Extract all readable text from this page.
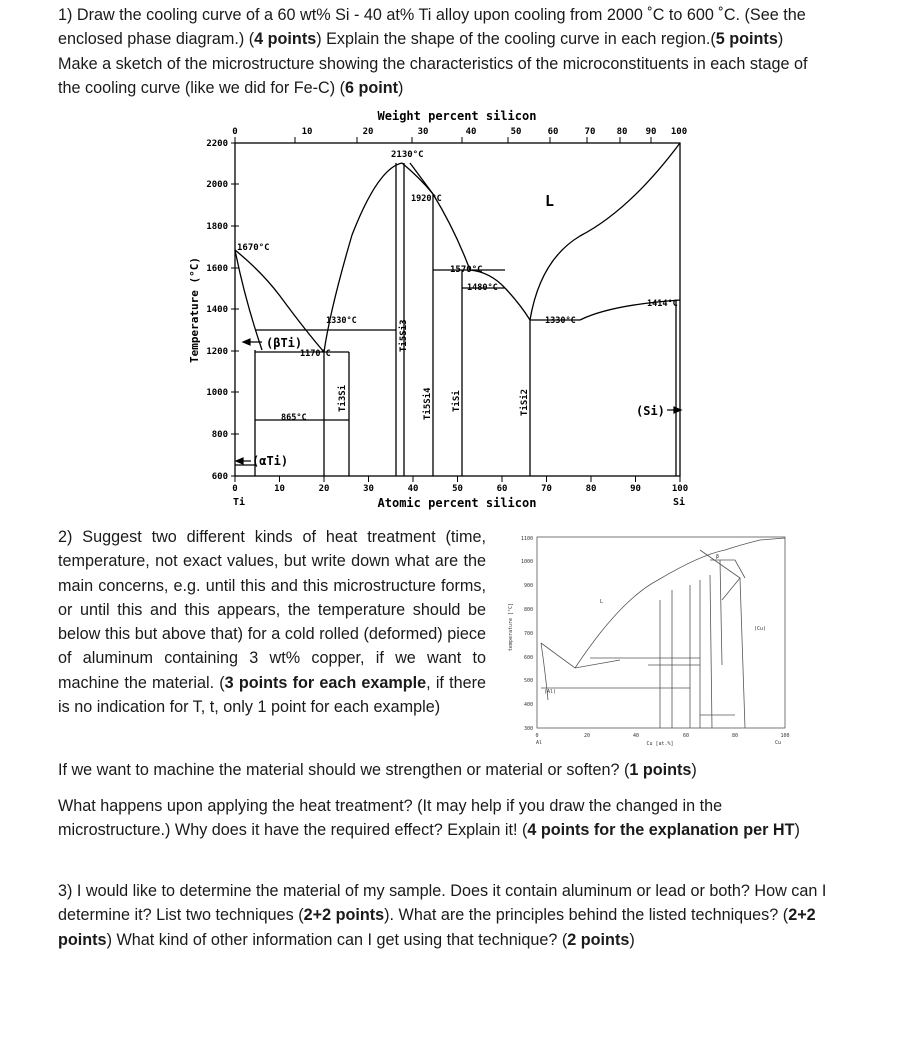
1) Draw the cooling curve of a 60 wt% Si - 40 at% Ti alloy upon cooling from 2000 ˚C to 600 ˚C. (See the enclosed phase diagram.) (4 points) Explain the shape of the cooling curve in each region.(5 points) Make a sketch of the microstructure showing the characteristics of the microconstituents in each stage of the cooling curve (like we did for Fe-C) (6 point)

0	10	20	30	40	50	60	70 80 90 100
0	10	20	30	40	50	60	70	80	90	100
2200
2000
1800
1600
1400
1200
1000
800
600
Weight percent silicon
Atomic percent silicon
Temperature (°C)
Ti	Si
2130°C
1920°C
1670°C
1570°C
1480°C
1414°C
1330°C	1330°C
1170°C
865°C
L
(βTi)
(αTi)
(Si)
Ti5Si3
Ti3Si	Ti5Si4 TiSi	TiSi2

2) Suggest two different kinds of heat treatment (time, temperature, not exact values, but write down what are the main concerns, e.g. until this and this microstructure forms, or until this and this appears, the temperature should be below this but above that) for a cold rolled (deformed) piece of aluminum containing 3 wt% copper, if we want to machine the material. (3 points for each example, if there is no indication for T, t, only 1 point for each example)

1100
1000
900
800
700
600
500
400
300
0	20	40	60	80	100
Al	Cu
Cu [at.%]
temperature [°C]
L
(Al)
(Cu)
β

If we want to machine the material should we strengthen or material or soften? (1 points)

What happens upon applying the heat treatment? (It may help if you draw the changed in the microstructure.) Why does it have the required effect? Explain it! (4 points for the explanation per HT)

3) I would like to determine the material of my sample. Does it contain aluminum or lead or both? How can I determine it? List two techniques (2+2 points). What are the principles behind the listed techniques? (2+2 points) What kind of other information can I get using that technique? (2 points)
